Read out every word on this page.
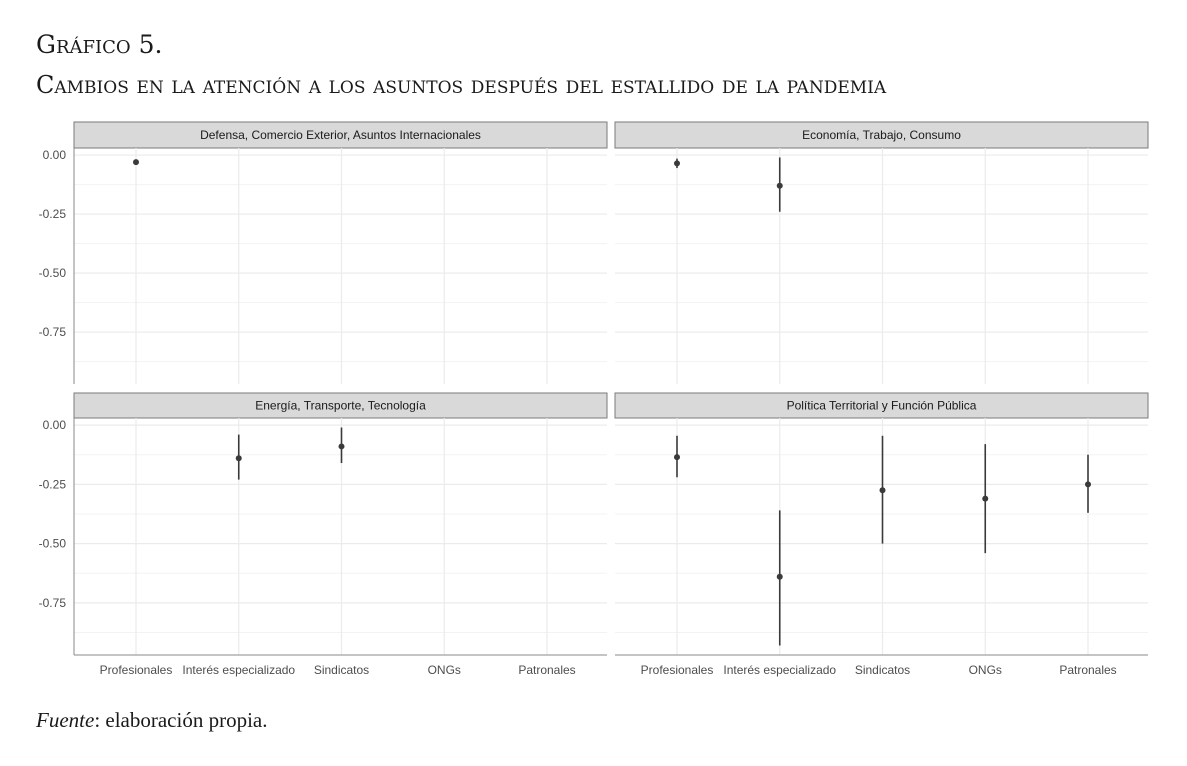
Gráfico 5.
Cambios en la atención a los asuntos después del estallido de la pandemia
Defensa, Comercio Exterior, Asuntos Internacionales
0.00
-0.25
-0.50
-0.75
Economía, Trabajo, Consumo
Energía, Transporte, Tecnología
0.00
-0.25
-0.50
-0.75
Profesionales Interés especializado Sindicatos	ONGs	Patronales
Política Territorial y Función Pública
Profesionales Interés especializado Sindicatos	ONGs	Patronales

Fuente: elaboración propia.
